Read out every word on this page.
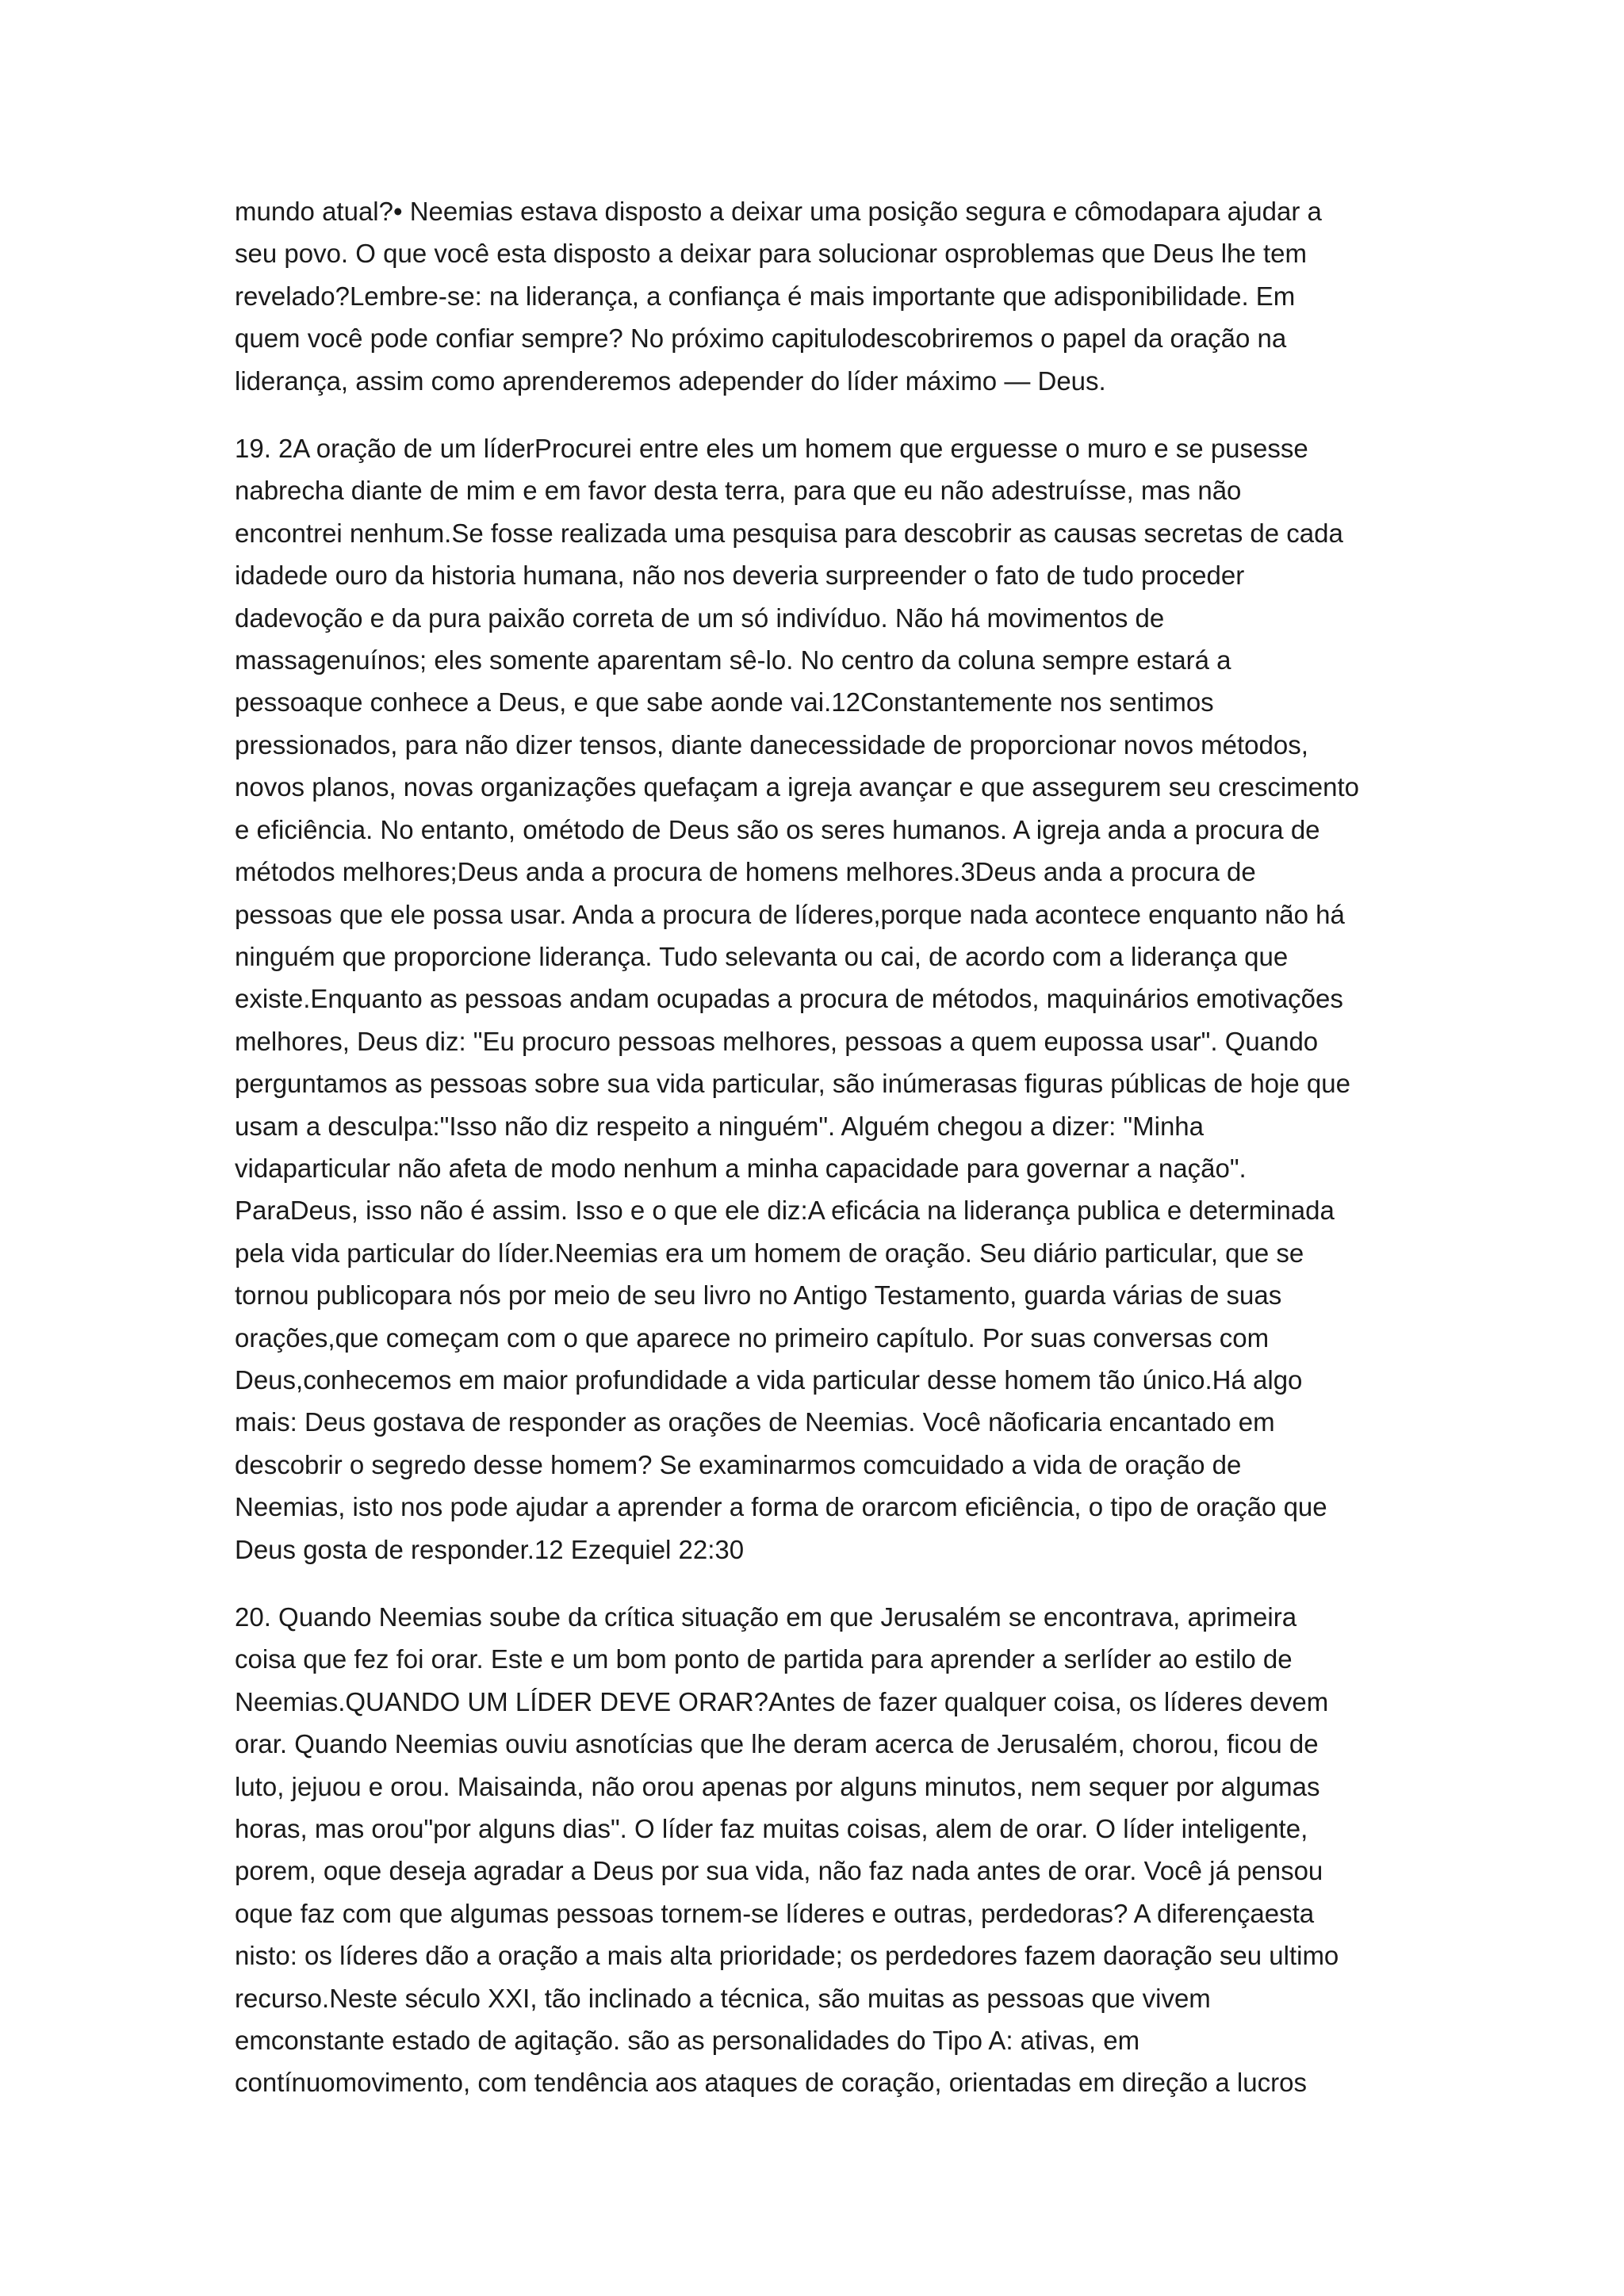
mundo atual?• Neemias estava disposto a deixar uma posição segura e cômodapara ajudar a
seu povo. O que você esta disposto a deixar para solucionar osproblemas que Deus lhe tem
revelado?Lembre-se: na liderança, a confiança é mais importante que adisponibilidade. Em
quem você pode confiar sempre? No próximo capitulodescobriremos o papel da oração na
liderança, assim como aprenderemos adepender do líder máximo — Deus.

19. 2A oração de um líderProcurei entre eles um homem que erguesse o muro e se pusesse
nabrecha diante de mim e em favor desta terra, para que eu não adestruísse, mas não
encontrei nenhum.Se fosse realizada uma pesquisa para descobrir as causas secretas de cada
idadede ouro da historia humana, não nos deveria surpreender o fato de tudo proceder
dadevoção e da pura paixão correta de um só indivíduo. Não há movimentos de
massagenuínos; eles somente aparentam sê-lo. No centro da coluna sempre estará a
pessoaque conhece a Deus, e que sabe aonde vai.12Constantemente nos sentimos
pressionados, para não dizer tensos, diante danecessidade de proporcionar novos métodos,
novos planos, novas organizações quefaçam a igreja avançar e que assegurem seu crescimento
e eficiência. No entanto, ométodo de Deus são os seres humanos. A igreja anda a procura de
métodos melhores;Deus anda a procura de homens melhores.3Deus anda a procura de
pessoas que ele possa usar. Anda a procura de líderes,porque nada acontece enquanto não há
ninguém que proporcione liderança. Tudo selevanta ou cai, de acordo com a liderança que
existe.Enquanto as pessoas andam ocupadas a procura de métodos, maquinários emotivações
melhores, Deus diz: "Eu procuro pessoas melhores, pessoas a quem eupossa usar". Quando
perguntamos as pessoas sobre sua vida particular, são inúmerasas figuras públicas de hoje que
usam a desculpa:"Isso não diz respeito a ninguém". Alguém chegou a dizer: "Minha
vidaparticular não afeta de modo nenhum a minha capacidade para governar a nação".
ParaDeus, isso não é assim. Isso e o que ele diz:A eficácia na liderança publica e determinada
pela vida particular do líder.Neemias era um homem de oração. Seu diário particular, que se
tornou publicopara nós por meio de seu livro no Antigo Testamento, guarda várias de suas
orações,que começam com o que aparece no primeiro capítulo. Por suas conversas com
Deus,conhecemos em maior profundidade a vida particular desse homem tão único.Há algo
mais: Deus gostava de responder as orações de Neemias. Você nãoficaria encantado em
descobrir o segredo desse homem? Se examinarmos comcuidado a vida de oração de
Neemias, isto nos pode ajudar a aprender a forma de orarcom eficiência, o tipo de oração que
Deus gosta de responder.12 Ezequiel 22:30

20. Quando Neemias soube da crítica situação em que Jerusalém se encontrava, aprimeira
coisa que fez foi orar. Este e um bom ponto de partida para aprender a serlíder ao estilo de
Neemias.QUANDO UM LÍDER DEVE ORAR?Antes de fazer qualquer coisa, os líderes devem
orar. Quando Neemias ouviu asnotícias que lhe deram acerca de Jerusalém, chorou, ficou de
luto, jejuou e orou. Maisainda, não orou apenas por alguns minutos, nem sequer por algumas
horas, mas orou"por alguns dias". O líder faz muitas coisas, alem de orar. O líder inteligente,
porem, oque deseja agradar a Deus por sua vida, não faz nada antes de orar. Você já pensou
oque faz com que algumas pessoas tornem-se líderes e outras, perdedoras? A diferençaesta
nisto: os líderes dão a oração a mais alta prioridade; os perdedores fazem daoração seu ultimo
recurso.Neste século XXI, tão inclinado a técnica, são muitas as pessoas que vivem
emconstante estado de agitação. são as personalidades do Tipo A: ativas, em
contínuomovimento, com tendência aos ataques de coração, orientadas em direção a lucros
